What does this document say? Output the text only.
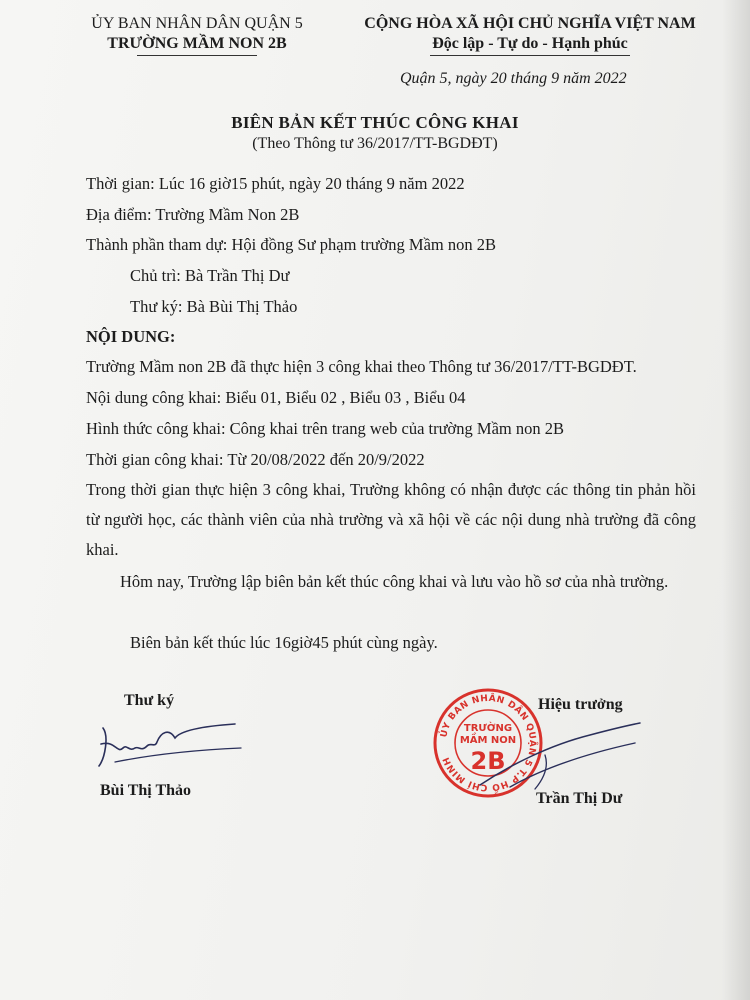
ỦY BAN NHÂN DÂN QUẬN 5
TRƯỜNG MẦM NON 2B
CỘNG HÒA XÃ HỘI CHỦ NGHĨA VIỆT NAM
Độc lập - Tự do - Hạnh phúc
Quận 5, ngày 20 tháng 9 năm 2022
BIÊN BẢN KẾT THÚC CÔNG KHAI
(Theo Thông tư 36/2017/TT-BGDĐT)
Thời gian: Lúc 16 giờ15 phút, ngày 20 tháng 9 năm 2022
Địa điểm: Trường Mầm Non 2B
Thành phần tham dự: Hội đồng Sư phạm trường Mầm non 2B
Chủ trì: Bà Trần Thị Dư
Thư ký: Bà Bùi Thị Thảo
NỘI DUNG:
Trường Mầm non 2B đã thực hiện 3 công khai theo Thông tư 36/2017/TT-BGDĐT.
Nội dung công khai: Biểu 01, Biểu 02 , Biểu 03 , Biểu 04
Hình thức công khai: Công khai trên trang web của trường Mầm non 2B
Thời gian công khai: Từ 20/08/2022 đến 20/9/2022
Trong thời gian thực hiện 3 công khai, Trường không có nhận được các thông tin phản hồi từ người học, các thành viên của nhà trường và xã hội về các nội dung nhà trường đã công khai.
Hôm nay, Trường lập biên bản kết thúc công khai và lưu vào hồ sơ của nhà trường.
Biên bản kết thúc lúc 16giờ45 phút cùng ngày.
Thư ký
Bùi Thị Thảo
Hiệu trưởng
ỦY BAN NHÂN DÂN QUẬN 5 T.P HỒ CHÍ MINH
TRƯỜNG
MẦM NON
2B
Trần Thị Dư
